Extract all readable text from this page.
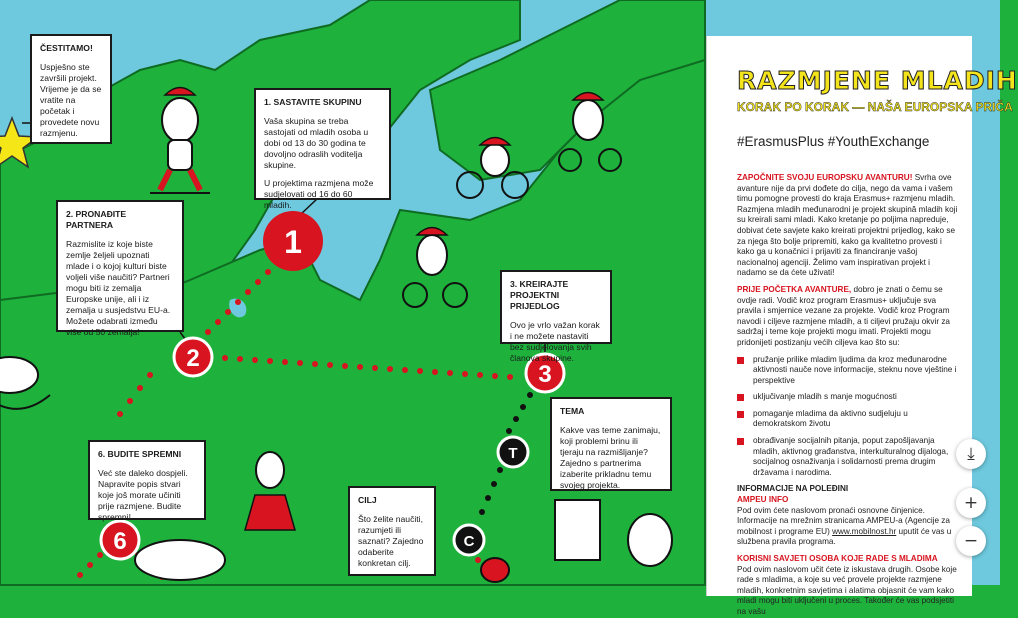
1
2
3
6
T
C
ČESTITAMO!

Uspješno ste završili projekt. Vrijeme je da se vratite na početak i provedete novu razmjenu.

1. SASTAVITE SKUPINU

Vaša skupina se treba sastojati od mladih osoba u dobi od 13 do 30 godina te dovoljno odraslih voditelja skupine.

U projektima razmjena može sudjelovati od 16 do 60 mladih.

2. PRONAĐITE PARTNERA

Razmislite iz koje biste zemlje željeli upoznati mlade i o kojoj kulturi biste voljeli više naučiti? Partneri mogu biti iz zemalja Europske unije, ali i iz zemalja u susjedstvu EU-a. Možete odabrati između više od 50 zemalja!

3. KREIRAJTE PROJEKTNI PRIJEDLOG

Ovo je vrlo važan korak i ne možete nastaviti bez sudjelovanja svih članova skupine.

TEMA

Kakve vas teme zanimaju, koji problemi brinu ili tjeraju na razmišljanje? Zajedno s partnerima izaberite prikladnu temu svojeg projekta.

6. BUDITE SPREMNI

Već ste daleko dospjeli. Napravite popis stvari koje još morate učiniti prije razmjene. Budite spremni!

CILJ

Što želite naučiti, razumjeti ili saznati? Zajedno odaberite konkretan cilj.

RAZMJENE MLADIH
KORAK PO KORAK — NAŠA EUROPSKA PRIČA
#ErasmusPlus #YouthExchange

ZAPOČNITE SVOJU EUROPSKU AVANTURU! Svrha ove avanture nije da prvi dođete do cilja, nego da vama i vašem timu pomogne provesti do kraja Erasmus+ razmjenu mladih. Razmjena mladih međunarodni je projekt skupină mladih koji su kreirali sami mladi. Kako kretanje po poljima napreduje, dobivat ćete savjete kako kreirati projektni prijedlog, kako se za njega što bolje pripremiti, kako ga kvalitetno provesti i kako ga u konačnici i prijaviti za financiranje vašoj nacionalnoj agenciji. Želimo vam inspirativan projekt i nadamo se da ćete uživati!

PRIJE POČETKA AVANTURE, dobro je znati o čemu se ovdje radi. Vodič kroz program Erasmus+ uključuje sva pravila i smjernice vezane za projekte. Vodič kroz Program navodi i ciljeve razmjene mladih, a ti ciljevi pružaju okvir za sadržaj i teme koje projekti mogu imati. Projekti mogu pridonijeti postizanju većih ciljeva kao što su:

pružanje prilike mladim ljudima da kroz međunarodne aktivnosti nauče nove informacije, steknu nove vještine i perspektive
uključivanje mladih s manje mogućnosti
pomaganje mladima da aktivno sudjeluju u demokratskom životu
obrađivanje socijalnih pitanja, poput zapošljavanja mladih, aktivnog građanstva, interkulturalnog dijaloga, socijalnog osnaživanja i solidarnosti prema drugim državama i narodima.
INFORMACIJE NA POLEĐINI
AMPEU INFO

Pod ovim ćete naslovom pronaći osnovne činjenice. Informacije na mrežnim stranicama AMPEU-a (Agencije za mobilnost i programe EU) www.mobilnost.hr uputit će vas u službena pravila programa.

KORISNI SAVJETI OSOBA KOJE RADE S MLADIMA

Pod ovim naslovom učit ćete iz iskustava drugih. Osobe koje rade s mladima, a koje su već provele projekte razmjene mladih, konkretnim savjetima i alatima objasnit će vam kako mladi mogu biti uključeni u proces. Također će vas podsjetiti na vašu

⤓
+
−
